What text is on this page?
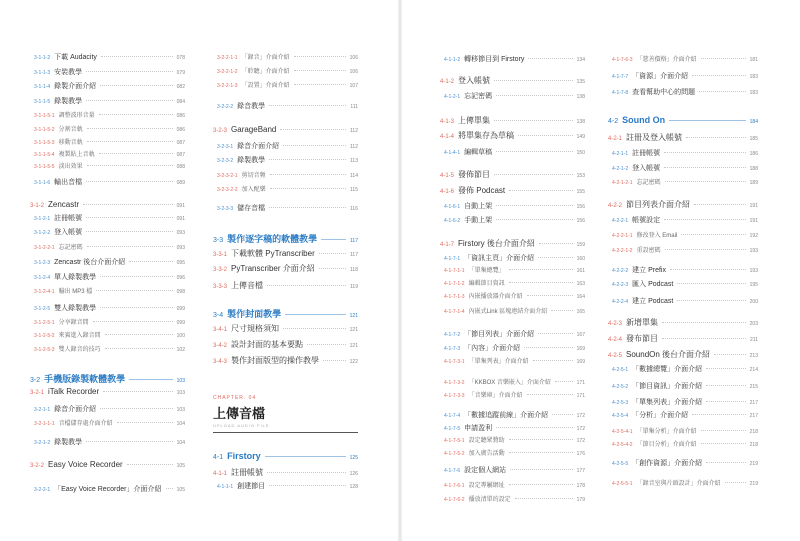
3-1-1-2 下載 Audacity	078
3-1-1-3 安裝教學	079
3-1-1-4 錄製介面介紹	082
3-1-1-5 錄製教學	084
3-1-1-5-1 調整波形音量	086
3-1-1-5-2 分割音軌	086
3-1-1-5-3 移動音軌	087
3-1-1-5-4 複製貼上音軌	087
3-1-1-5-5 淡出效果	088
3-1-1-6 輸出音檔	089
3-1-2 Zencastr	091
3-1-2-1 註冊帳號	091
3-1-2-2 登入帳號	093
3-1-2-2-1 忘記密碼	093
3-1-2-3 Zencastr 後台介面介紹	095
3-1-2-4 單人錄製教學	096
3-1-2-4-1 輸出 MP3 檔	098
3-1-2-5 雙人錄製教學	099
3-1-2-5-1 分享錄音間	099
3-1-2-5-2 來賓進入錄音間	100
3-1-2-5-3 雙人錄音的技巧	102
3-2 手機版錄製軟體教學	103
3-2-1 iTalk Recorder	103
3-2-1-1 錄音介面介紹	103
3-2-1-1-1 音檔儲存處介面介紹	104
3-2-1-2 錄製教學	104
3-2-2 Easy Voice Recorder	105
3-2-2-1 「Easy Voice Recorder」介面介紹	105
3-2-2-1-1 「錄音」介面介紹	106
3-2-2-1-2 「聆聽」介面介紹	106
3-2-2-1-3 「設置」介面介紹	107
3-2-2-2 錄音教學	111
3-2-3 GarageBand	112
3-2-3-1 錄音介面介紹	112
3-2-3-2 錄製教學	113
3-2-3-2-1 剪切音頻	114
3-2-3-2-2 加入配樂	115
3-2-3-3 儲存音檔	116
3-3 製作逐字稿的軟體教學	117
3-3-1 下載軟體 PyTranscriber	117
3-3-2 PyTranscriber 介面介紹	118
3-3-3 上傳音檔	119
3-4 製作封面教學	121
3-4-1 尺寸規格須知	121
3-4-2 設計封面的基本要點	121
3-4-3 製作封面版型的操作教學	122
4-1 Firstory	125
4-1-1 註冊帳號	126
4-1-1-1 創建節目	128
4-1-1-2 轉移節目到 Firstory	134
4-1-2 登入帳號	135
4-1-2-1 忘記密碼	138
4-1-3 上傳單集	138
4-1-4 將單集存為草稿	149
4-1-4-1 編輯草稿	150
4-1-5 發佈節目	153
4-1-6 發佈 Podcast	155
4-1-6-1 自動上架	156
4-1-6-2 手動上架	156
4-1-7 Firstory 後台介面介紹	159
4-1-7-1 「資訊主頁」介面介紹	160
4-1-7-1-1 「單集總覽」	161
4-1-7-1-2 編輯節目資訊	163
4-1-7-1-3 內嵌播放器介面介紹	164
4-1-7-1-4 內嵌式Link 區塊連結介面介紹	165
4-1-7-2 「節目列表」介面介紹	167
4-1-7-3 「內容」介面介紹	169
4-1-7-3-1 「單集列表」介面介紹	169
4-1-7-3-2 「KKBOX 音樂嵌入」介面介紹	171
4-1-7-3-3 「音樂庫」介面介紹	171
4-1-7-4 「數據追蹤前線」介面介紹	172
4-1-7-5 申請盈利	172
4-1-7-5-1 設定聽眾贊助	172
4-1-7-5-2 加入廣告活動	176
4-1-7-6 設定個人網站	177
4-1-7-6-1 設定專屬網址	178
4-1-7-6-2 播放清單的設定	179
4-1-7-6-3 「慈善價格」介面介紹	181
4-1-7-7 「資源」介面介紹	183
4-1-7-8 查看幫助中心的問題	183
4-2 Sound On	184
4-2-1 註冊及登入帳號	185
4-2-1-1 註冊帳號	186
4-2-1-2 登入帳號	188
4-2-1-2-1 忘記密碼	189
4-2-2 節目列表介面介紹	191
4-2-2-1 帳號設定	191
4-2-2-1-1 修改登入 Email	192
4-2-2-1-2 重設密碼	193
4-2-2-2 建立 Prefix	193
4-2-2-3 匯入 Podcast	195
4-2-2-4 建立 Podcast	200
4-2-3 新增單集	203
4-2-4 發布節目	211
4-2-5 SoundOn 後台介面介紹	213
4-2-5-1 「數據總覽」介面介紹	214
4-2-5-2 「節目資訊」介面介紹	215
4-2-5-3 「單集列表」介面介紹	217
4-2-5-4 「分析」介面介紹	217
4-2-5-4-1 「單集分析」介面介紹	218
4-2-5-4-2 「節目分析」介面介紹	218
4-2-5-5 「創作資源」介面介紹	219
4-2-5-5-1 「錄音室與片頭設計」介面介紹	219
CHAPTER. 04
上傳音檔
UPLOAD AUDIO FILE
